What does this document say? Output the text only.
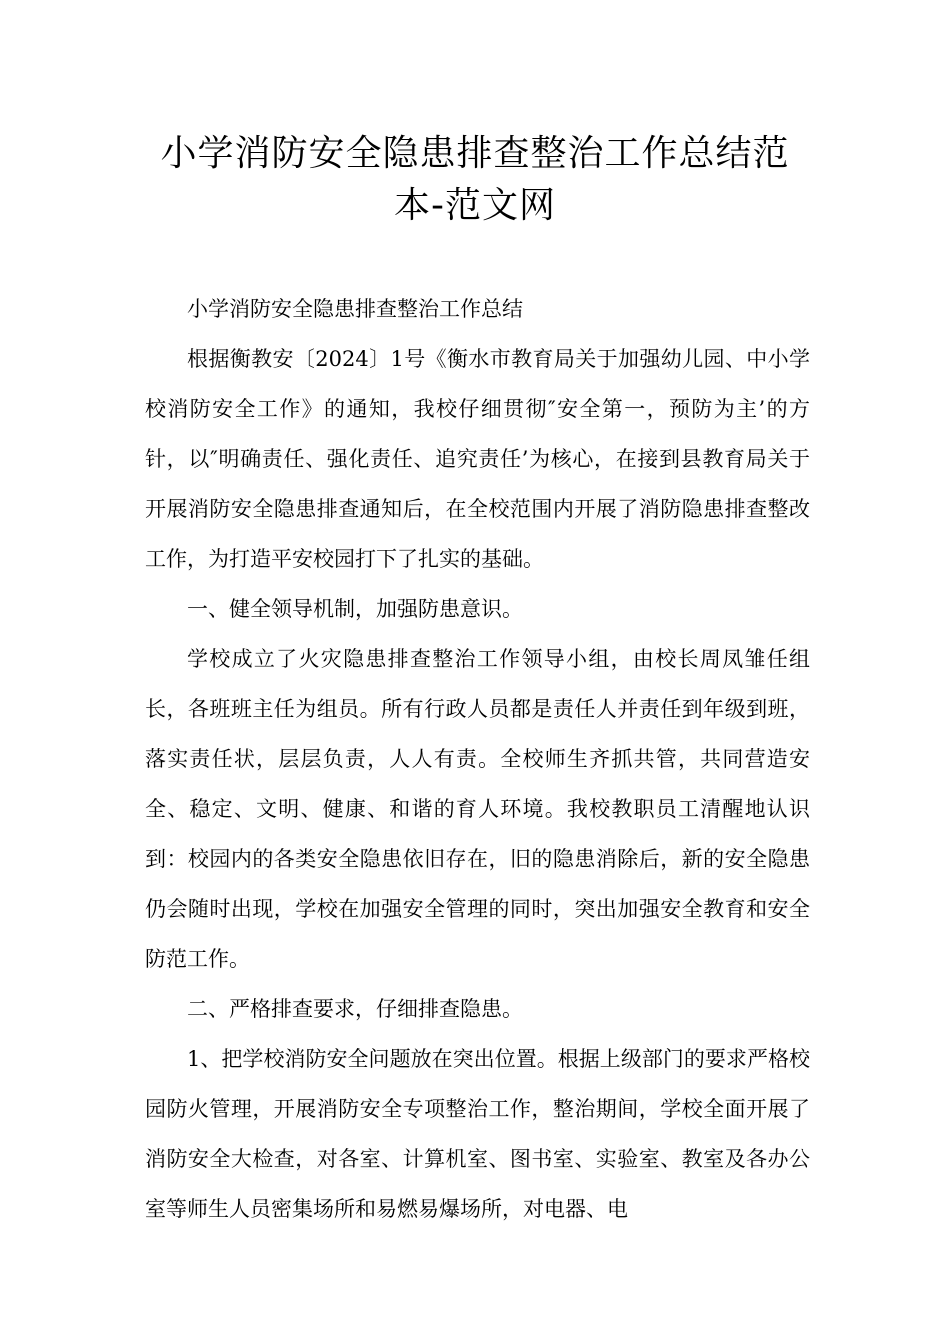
小学消防安全隐患排查整治工作总结范
本-范文网

小学消防安全隐患排查整治工作总结

根据衡教安〔2024〕1号《衡水市教育局关于加强幼儿园、中小学校消防安全工作》的通知，我校仔细贯彻″安全第一，预防为主’的方针，以″明确责任、强化责任、追究责任’为核心，在接到县教育局关于开展消防安全隐患排查通知后，在全校范围内开展了消防隐患排查整改工作，为打造平安校园打下了扎实的基础。

一、健全领导机制，加强防患意识。

学校成立了火灾隐患排查整治工作领导小组，由校长周凤雏任组长，各班班主任为组员。所有行政人员都是责任人并责任到年级到班，落实责任状，层层负责，人人有责。全校师生齐抓共管，共同营造安全、稳定、文明、健康、和谐的育人环境。我校教职员工清醒地认识到：校园内的各类安全隐患依旧存在，旧的隐患消除后，新的安全隐患仍会随时出现，学校在加强安全管理的同时，突出加强安全教育和安全防范工作。

二、严格排查要求，仔细排查隐患。

1、把学校消防安全问题放在突出位置。根据上级部门的要求严格校园防火管理，开展消防安全专项整治工作，整治期间，学校全面开展了消防安全大检查，对各室、计算机室、图书室、实验室、教室及各办公室等师生人员密集场所和易燃易爆场所，对电器、电
